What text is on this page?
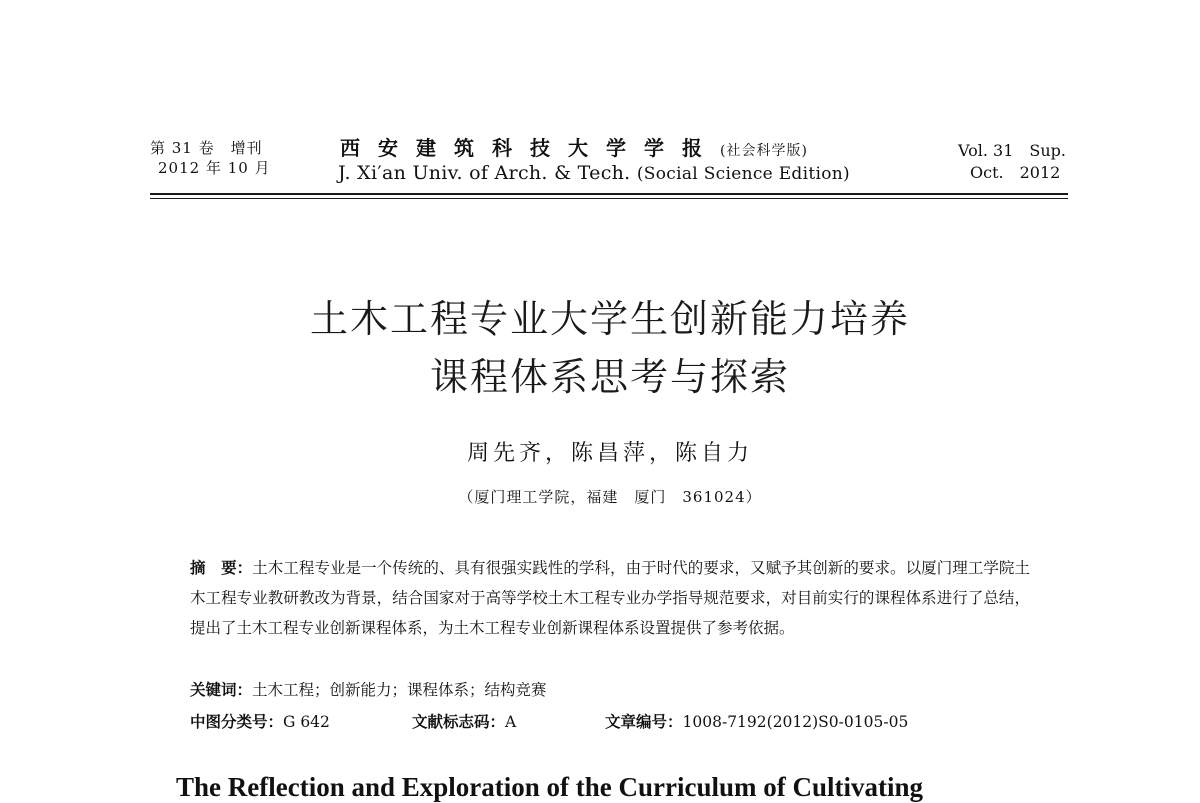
第 31 卷　增刊
2012 年 10 月
西安建筑科技大学学报(社会科学版)
J. Xi′an Univ. of Arch. & Tech. (Social Science Edition)
Vol. 31　Sup.
Oct.　2012
土木工程专业大学生创新能力培养
课程体系思考与探索
周先齐，陈昌萍，陈自力
（厦门理工学院，福建　厦门　361024）
摘　要：土木工程专业是一个传统的、具有很强实践性的学科，由于时代的要求，又赋予其创新的要求。以厦门理工学院土木工程专业教研教改为背景，结合国家对于高等学校土木工程专业办学指导规范要求，对目前实行的课程体系进行了总结，提出了土木工程专业创新课程体系，为土木工程专业创新课程体系设置提供了参考依据。
关键词：土木工程；创新能力；课程体系；结构竞赛
中图分类号：G 642	文献标志码：A	文章编号：1008-7192(2012)S0-0105-05
The Reflection and Exploration of the Curriculum of Cultivating
